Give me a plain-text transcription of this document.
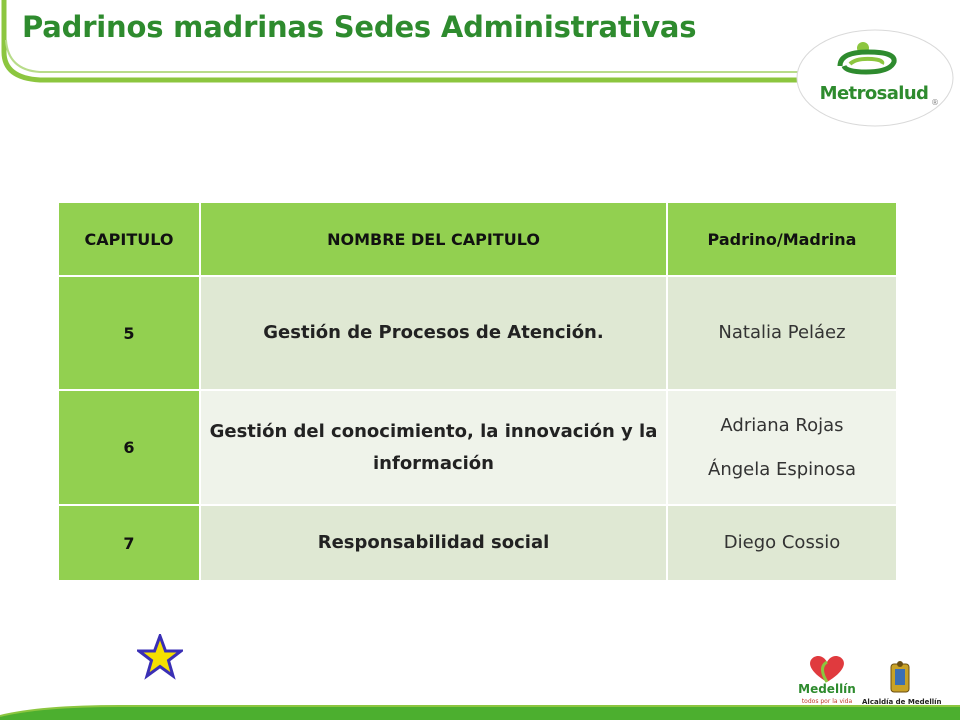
Padrinos madrinas Sedes Administrativas
Metrosalud ®
CAPITULO	NOMBRE DEL CAPITULO	Padrino/Madrina
5	Gestión de Procesos de Atención.	Natalia Peláez

6	Gestión del conocimiento, la innovación y la información	Adriana Rojas
Ángela Espinosa

7	Responsabilidad social	Diego Cossio
Medellín
todos por la vida	Alcaldía de Medellín
